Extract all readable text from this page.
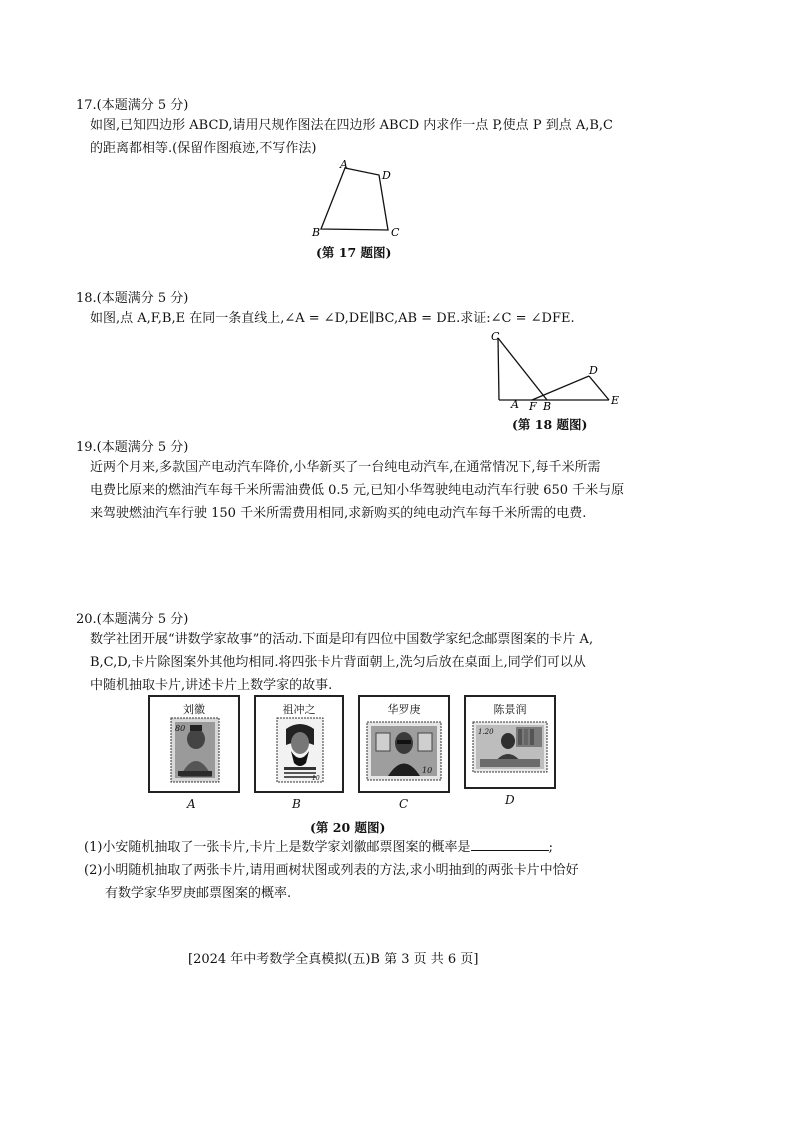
17.(本题满分 5 分)
如图,已知四边形 ABCD,请用尺规作图法在四边形 ABCD 内求作一点 P,使点 P 到点 A,B,C
的距离都相等.(保留作图痕迹,不写作法)
A
D
B	C
(第 17 题图)
18.(本题满分 5 分)
如图,点 A,F,B,E 在同一条直线上,∠A = ∠D,DE∥BC,AB = DE.求证:∠C = ∠DFE.
C
D
A F B	E
(第 18 题图)
19.(本题满分 5 分)
近两个月来,多款国产电动汽车降价,小华新买了一台纯电动汽车,在通常情况下,每千米所需
电费比原来的燃油汽车每千米所需油费低 0.5 元,已知小华驾驶纯电动汽车行驶 650 千米与原
来驾驶燃油汽车行驶 150 千米所需费用相同,求新购买的纯电动汽车每千米所需的电费.
20.(本题满分 5 分)
数学社团开展“讲数学家故事”的活动.下面是印有四位中国数学家纪念邮票图案的卡片 A,
B,C,D,卡片除图案外其他均相同.将四张卡片背面朝上,洗匀后放在桌面上,同学们可以从
中随机抽取卡片,讲述卡片上数学家的故事.
刘徽
80
A
祖冲之
10
B
华罗庚
10
C
陈景润
1.20
D
(第 20 题图)
(1)小安随机抽取了一张卡片,卡片上是数学家刘徽邮票图案的概率是	;
(2)小明随机抽取了两张卡片,请用画树状图或列表的方法,求小明抽到的两张卡片中恰好
有数学家华罗庚邮票图案的概率.
[2024 年中考数学全真模拟(五)B 第 3 页 共 6 页]
